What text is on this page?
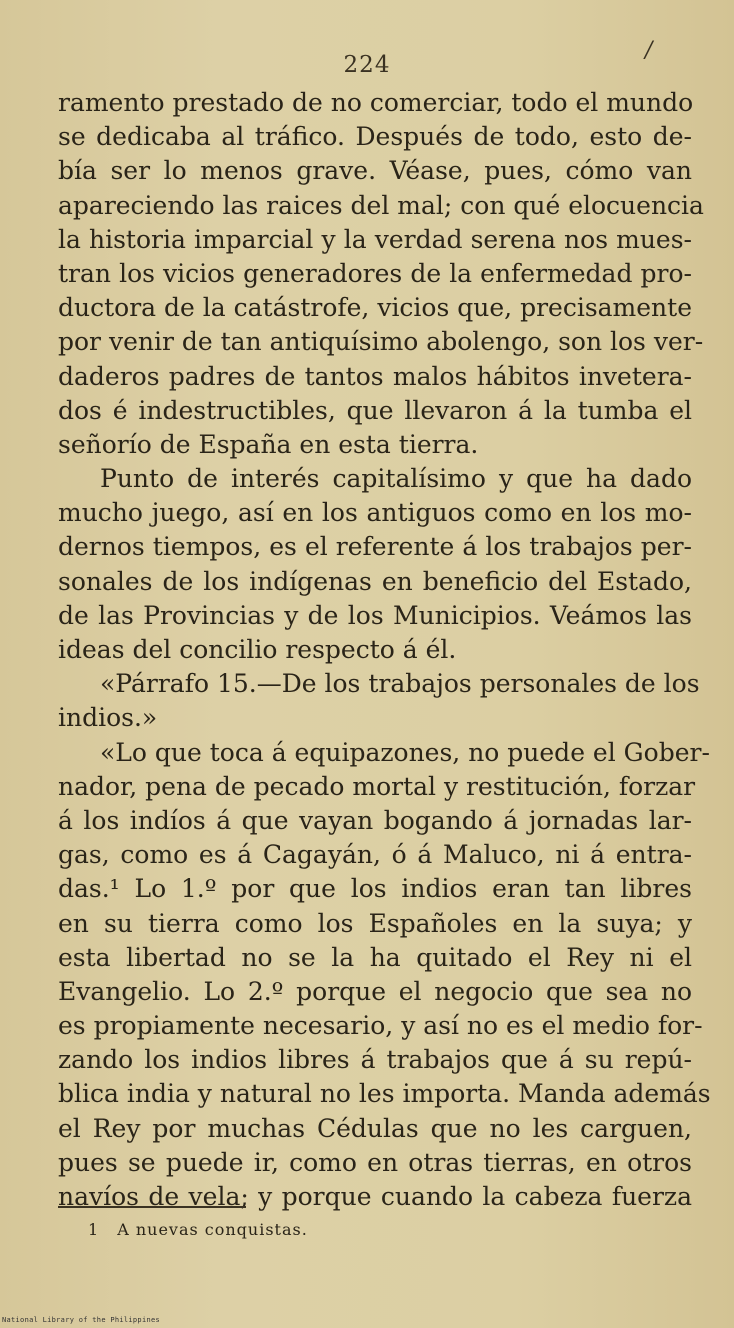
/
224
ramento prestado de no comerciar, todo el mundo
se dedicaba al tráfico. Después de todo, esto de-
bía ser lo menos grave. Véase, pues, cómo van
apareciendo las raices del mal; con qué elocuencia
la historia imparcial y la verdad serena nos mues-
tran los vicios generadores de la enfermedad pro-
ductora de la catástrofe, vicios que, precisamente
por venir de tan antiquísimo abolengo, son los ver-
daderos padres de tantos malos hábitos invetera-
dos é indestructibles, que llevaron á la tumba el
señorío de España en esta tierra.
Punto de interés capitalísimo y que ha dado
mucho juego, así en los antiguos como en los mo-
dernos tiempos, es el referente á los trabajos per-
sonales de los indígenas en beneficio del Estado,
de las Provincias y de los Municipios. Veámos las
ideas del concilio respecto á él.
«Párrafo 15.—De los trabajos personales de los
indios.»
«Lo que toca á equipazones, no puede el Gober-
nador, pena de pecado mortal y restitución, forzar
á los indíos á que vayan bogando á jornadas lar-
gas, como es á Cagayán, ó á Maluco, ni á entra-
das.¹ Lo 1.º por que los indios eran tan libres
en su tierra como los Españoles en la suya; y
esta libertad no se la ha quitado el Rey ni el
Evangelio. Lo 2.º porque el negocio que sea no
es propiamente necesario, y así no es el medio for-
zando los indios libres á trabajos que á su repú-
blica india y natural no les importa. Manda además
el Rey por muchas Cédulas que no les carguen,
pues se puede ir, como en otras tierras, en otros
navíos de vela; y porque cuando la cabeza fuerza
1 A nuevas conquistas.
National Library of the Philippines
